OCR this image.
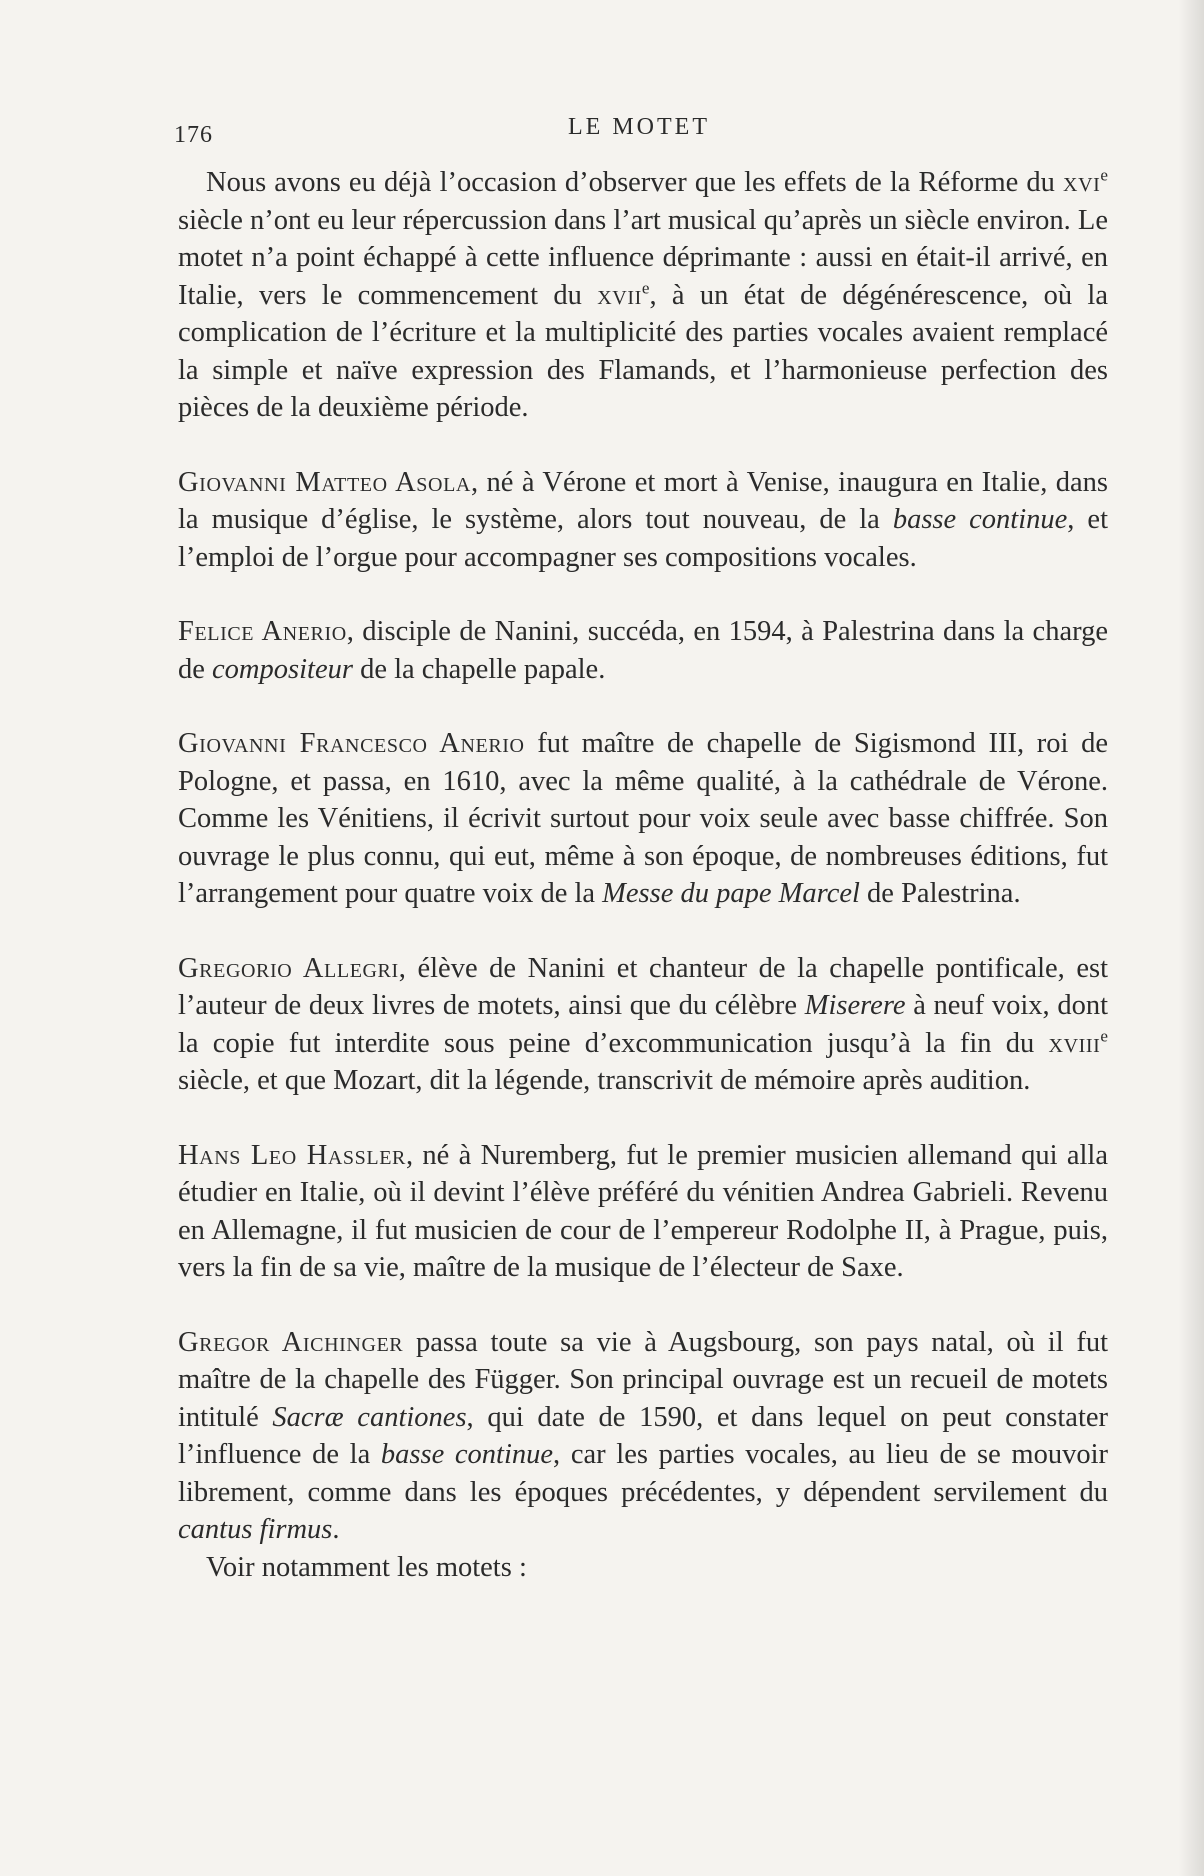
176	LE MOTET

Nous avons eu déjà l’occasion d’observer que les effets de la Réforme du xvi$^e$ siècle n’ont eu leur répercussion dans l’art musical qu’après un siècle environ. Le motet n’a point échappé à cette influence déprimante : aussi en était-il arrivé, en Italie, vers le commencement du xvii$^e$, à un état de dégénérescence, où la complication de l’écriture et la multiplicité des parties vocales avaient remplacé la simple et naïve expression des Flamands, et l’harmonieuse perfection des pièces de la deuxième période.

Giovanni Matteo Asola, né à Vérone et mort à Venise, inaugura en Italie, dans la musique d’église, le système, alors tout nouveau, de la basse continue, et l’emploi de l’orgue pour accompagner ses compositions vocales.

Felice Anerio, disciple de Nanini, succéda, en 1594, à Palestrina dans la charge de compositeur de la chapelle papale.

Giovanni Francesco Anerio fut maître de chapelle de Sigismond III, roi de Pologne, et passa, en 1610, avec la même qualité, à la cathédrale de Vérone. Comme les Vénitiens, il écrivit surtout pour voix seule avec basse chiffrée. Son ouvrage le plus connu, qui eut, même à son époque, de nombreuses éditions, fut l’arrangement pour quatre voix de la Messe du pape Marcel de Palestrina.

Gregorio Allegri, élève de Nanini et chanteur de la chapelle pontificale, est l’auteur de deux livres de motets, ainsi que du célèbre Miserere à neuf voix, dont la copie fut interdite sous peine d’excommunication jusqu’à la fin du xviii$^e$ siècle, et que Mozart, dit la légende, transcrivit de mémoire après audition.

Hans Leo Hassler, né à Nuremberg, fut le premier musicien allemand qui alla étudier en Italie, où il devint l’élève préféré du vénitien Andrea Gabrieli. Revenu en Allemagne, il fut musicien de cour de l’empereur Rodolphe II, à Prague, puis, vers la fin de sa vie, maître de la musique de l’électeur de Saxe.

Gregor Aichinger passa toute sa vie à Augsbourg, son pays natal, où il fut maître de la chapelle des Függer. Son principal ouvrage est un recueil de motets intitulé Sacræ cantiones, qui date de 1590, et dans lequel on peut constater l’influence de la basse continue, car les parties vocales, au lieu de se mouvoir librement, comme dans les époques précédentes, y dépendent servilement du cantus firmus.

Voir notamment les motets :
